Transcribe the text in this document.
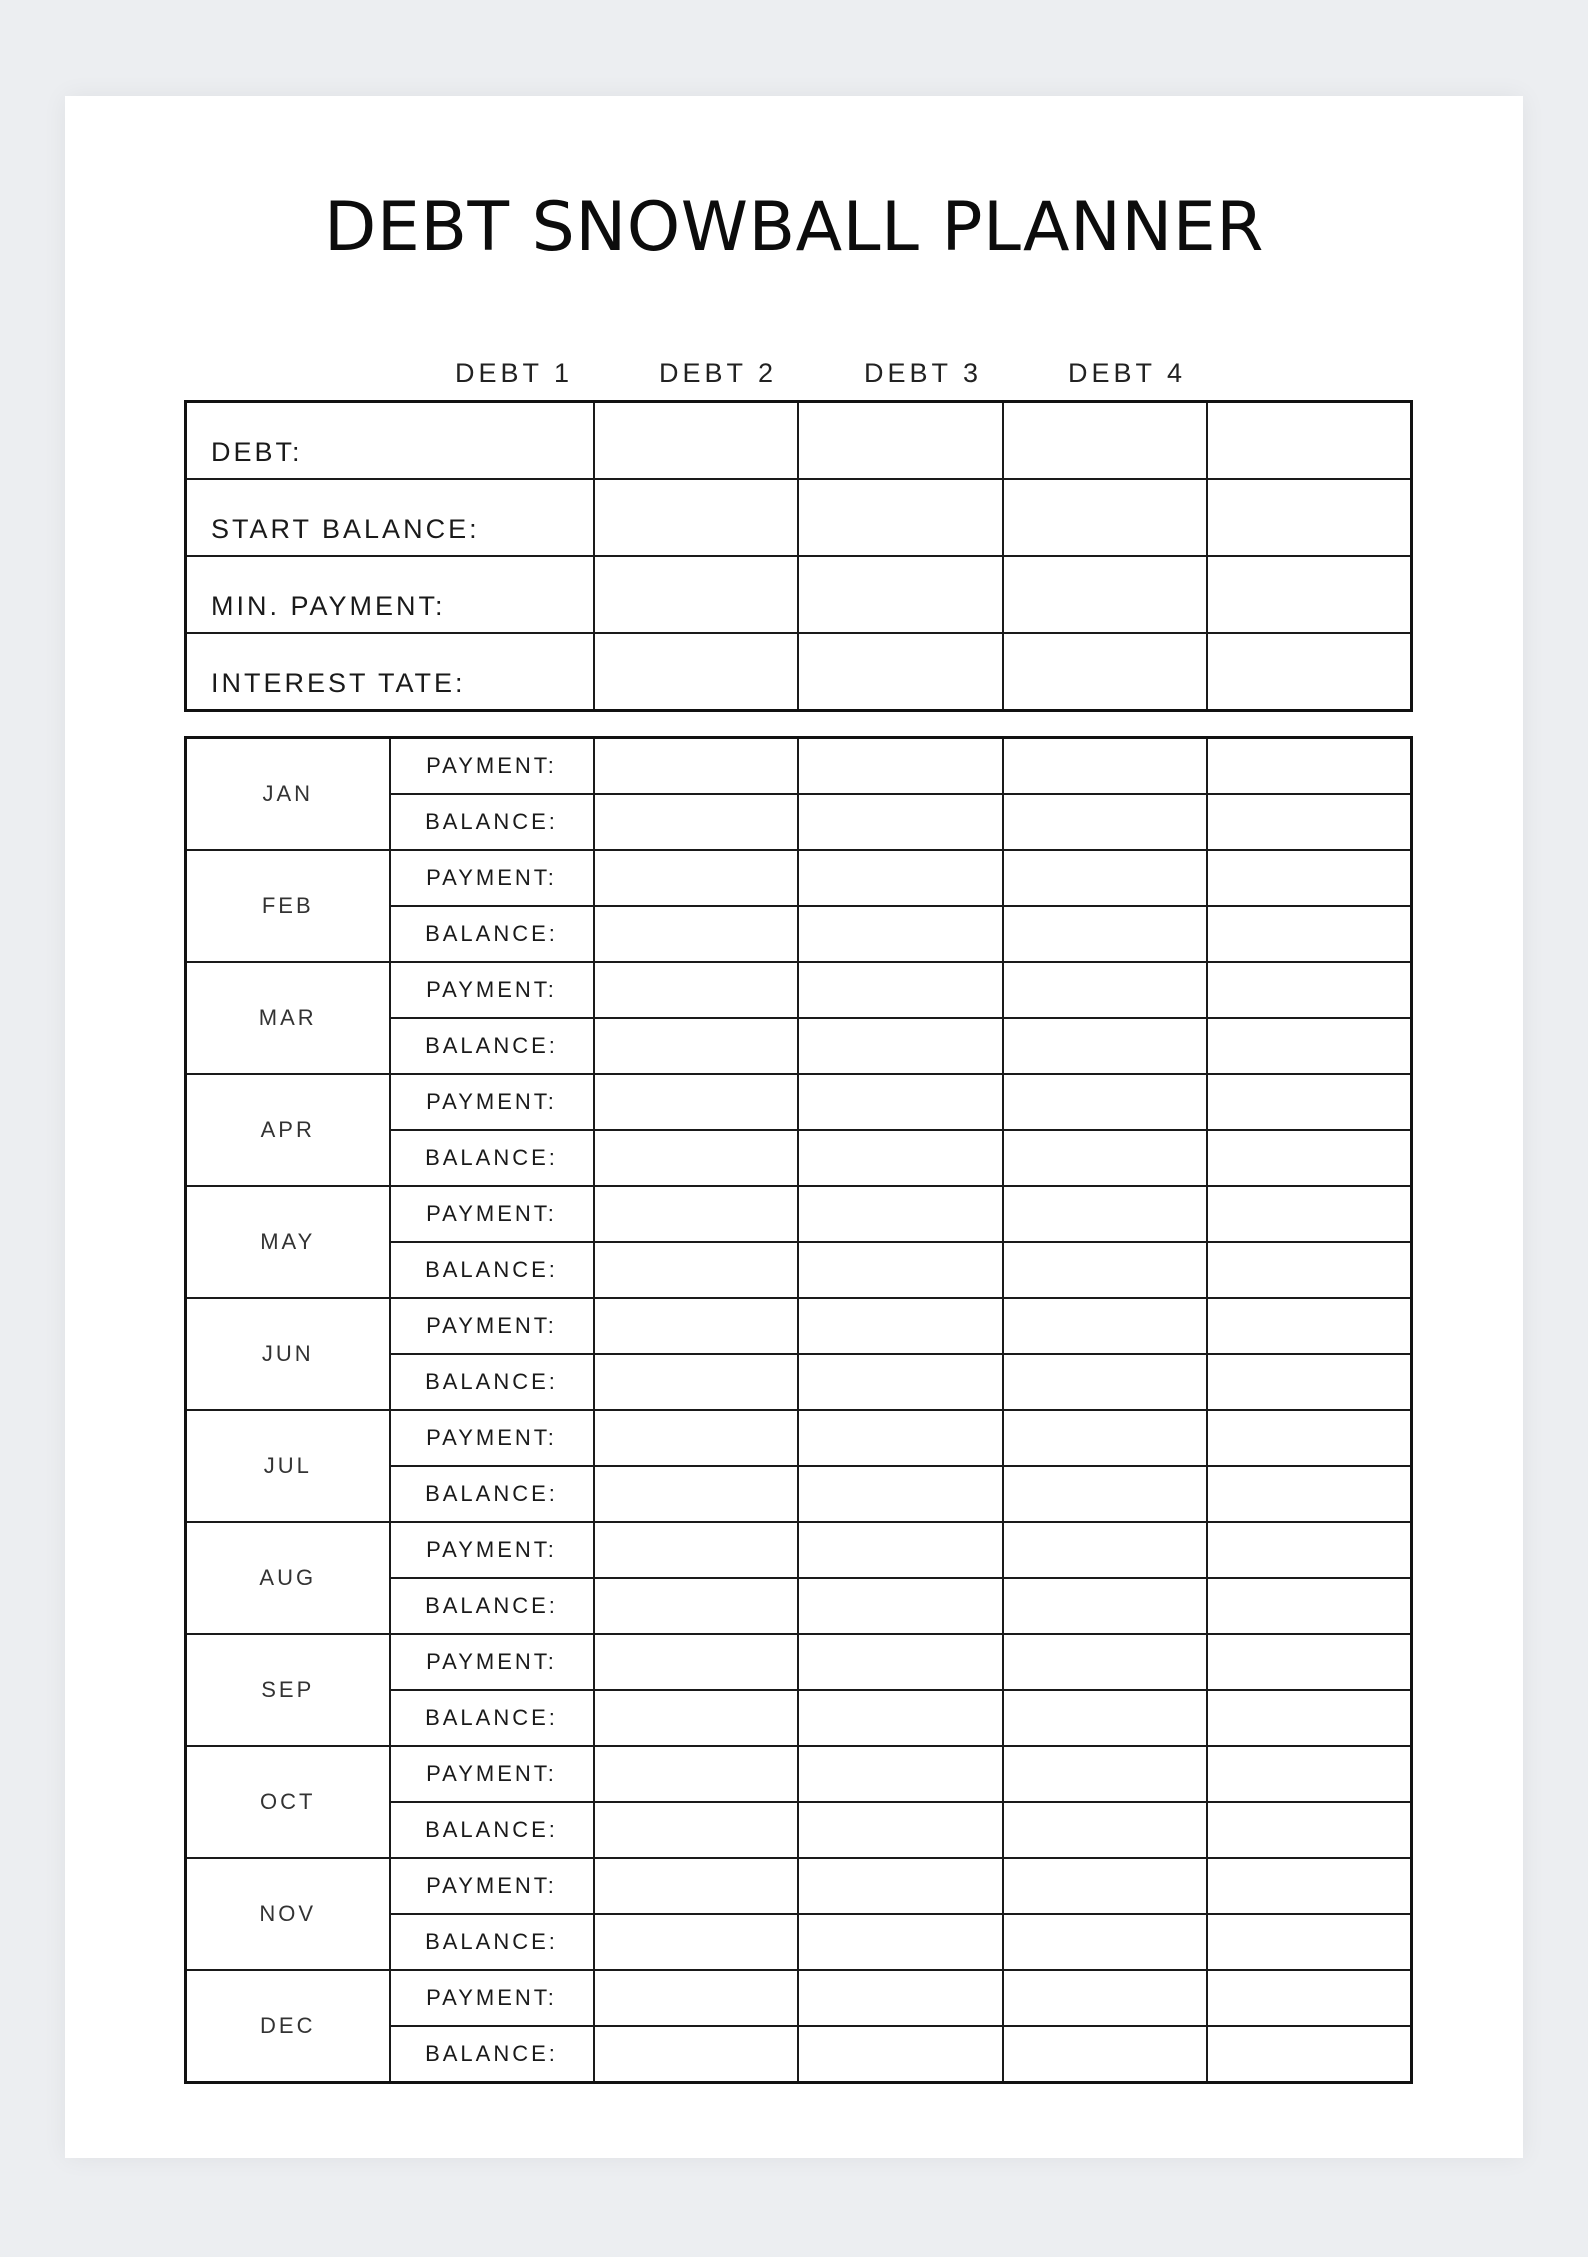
DEBT SNOWBALL PLANNER
DEBT 1	DEBT 2	DEBT 3	DEBT 4
DEBT:				
START BALANCE:				
MIN. PAYMENT:				
INTEREST TATE:				
JAN	PAYMENT:				
	BALANCE:				
FEB	PAYMENT:				
	BALANCE:				
MAR	PAYMENT:				
	BALANCE:				
APR	PAYMENT:				
	BALANCE:				
MAY	PAYMENT:				
	BALANCE:				
JUN	PAYMENT:				
	BALANCE:				
JUL	PAYMENT:				
	BALANCE:				
AUG	PAYMENT:				
	BALANCE:				
SEP	PAYMENT:				
	BALANCE:				
OCT	PAYMENT:				
	BALANCE:				
NOV	PAYMENT:				
	BALANCE:				
DEC	PAYMENT:				
	BALANCE:				
